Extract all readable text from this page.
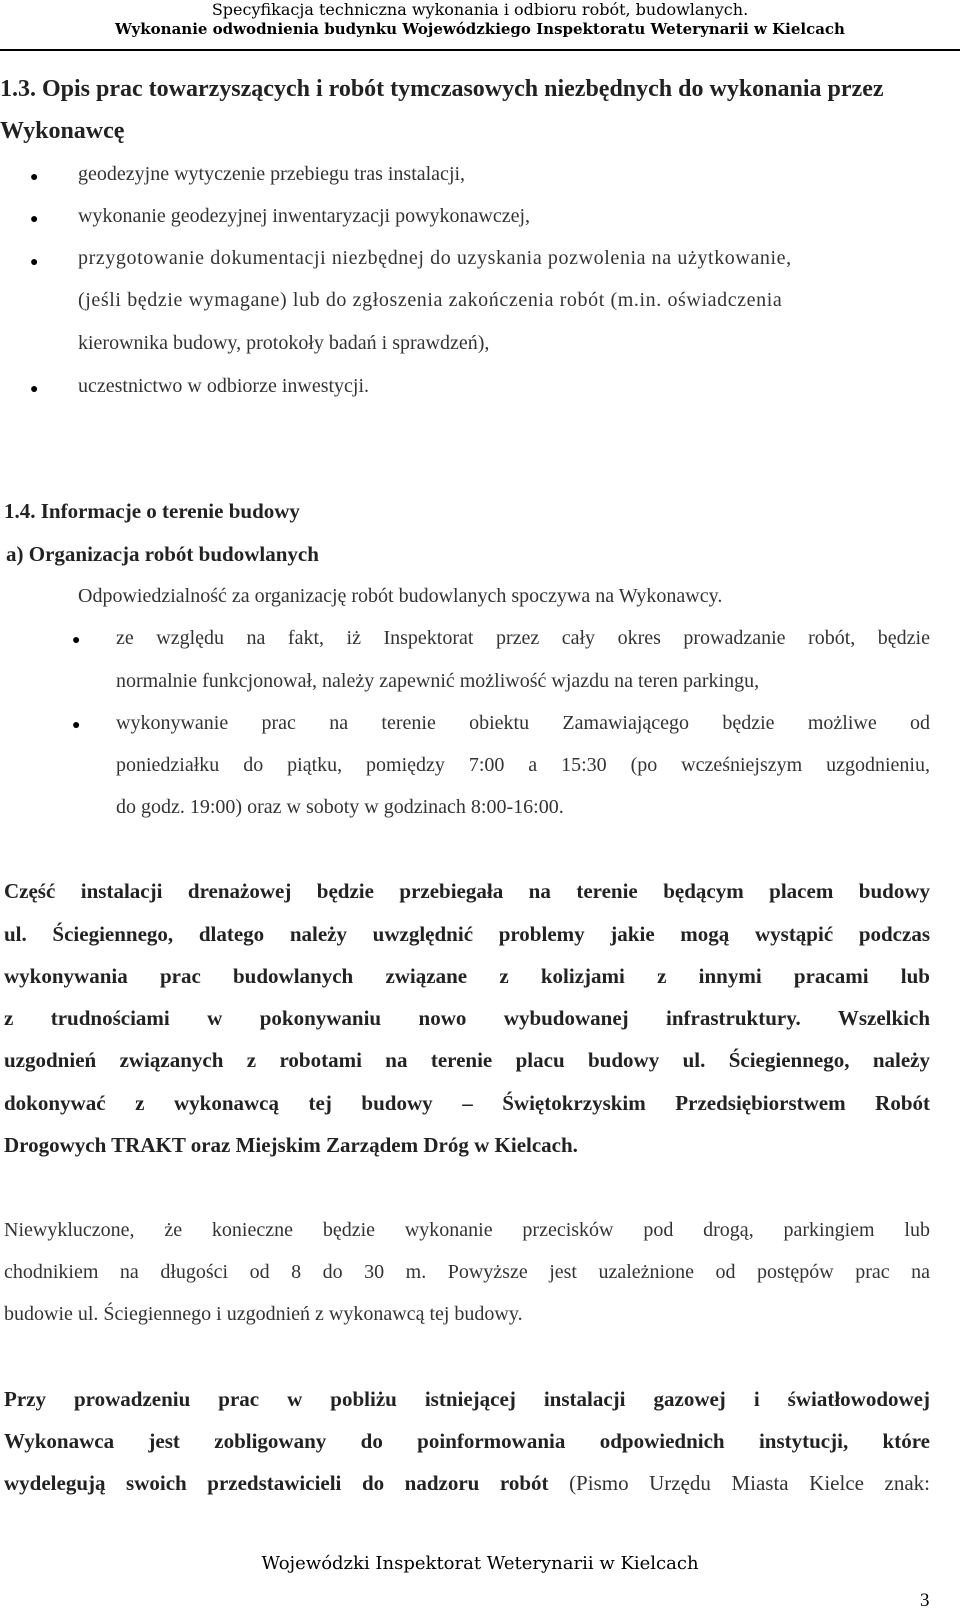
Specyfikacja techniczna wykonania i odbioru robót, budowlanych.
Wykonanie odwodnienia budynku Wojewódzkiego Inspektoratu Weterynarii w Kielcach
1.3. Opis prac towarzyszących i robót tymczasowych niezbędnych do wykonania przez
Wykonawcę
● geodezyjne wytyczenie przebiegu tras instalacji,
● wykonanie geodezyjnej inwentaryzacji powykonawczej,
● przygotowanie dokumentacji niezbędnej do uzyskania pozwolenia na użytkowanie,
(jeśli będzie wymagane) lub do zgłoszenia zakończenia robót (m.in. oświadczenia
kierownika budowy, protokoły badań i sprawdzeń),
● uczestnictwo w odbiorze inwestycji.
1.4. Informacje o terenie budowy
a) Organizacja robót budowlanych
Odpowiedzialność za organizację robót budowlanych spoczywa na Wykonawcy.
● ze względu na fakt, iż Inspektorat przez cały okres prowadzanie robót, będzie
normalnie funkcjonował, należy zapewnić możliwość wjazdu na teren parkingu,
● wykonywanie prac na terenie obiektu Zamawiającego będzie możliwe od
poniedziałku do piątku, pomiędzy 7:00 a 15:30 (po wcześniejszym uzgodnieniu,
do godz. 19:00) oraz w soboty w godzinach 8:00-16:00.
Część instalacji drenażowej będzie przebiegała na terenie będącym placem budowy
ul. Ściegiennego, dlatego należy uwzględnić problemy jakie mogą wystąpić podczas
wykonywania prac budowlanych związane z kolizjami z innymi pracami lub
z trudnościami w pokonywaniu nowo wybudowanej infrastruktury. Wszelkich
uzgodnień związanych z robotami na terenie placu budowy ul. Ściegiennego, należy
dokonywać z wykonawcą tej budowy – Świętokrzyskim Przedsiębiorstwem Robót
Drogowych TRAKT oraz Miejskim Zarządem Dróg w Kielcach.
Niewykluczone, że konieczne będzie wykonanie przecisków pod drogą, parkingiem lub
chodnikiem na długości od 8 do 30 m. Powyższe jest uzależnione od postępów prac na
budowie ul. Ściegiennego i uzgodnień z wykonawcą tej budowy.
Przy prowadzeniu prac w pobliżu istniejącej instalacji gazowej i światłowodowej
Wykonawca jest zobligowany do poinformowania odpowiednich instytucji, które
wydelegują swoich przedstawicieli do nadzoru robót (Pismo Urzędu Miasta Kielce znak:
Wojewódzki Inspektorat Weterynarii w Kielcach
3
